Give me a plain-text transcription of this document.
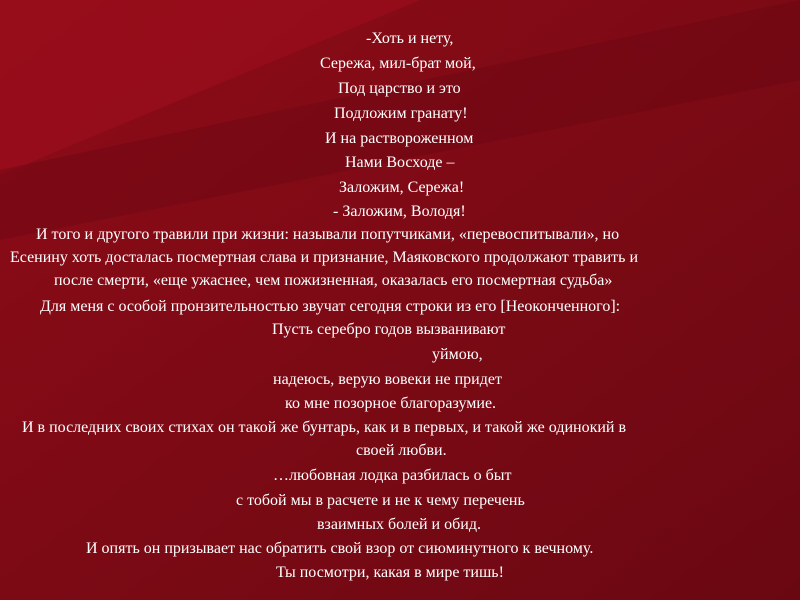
-Хоть и нету,

Сережа, мил-брат мой,

Под царство и это

Подложим гранату!

И на раствороженном

Нами Восходе –

Заложим, Сережа!

- Заложим, Володя!

И того и другого травили при жизни: называли попутчиками, «перевоспитывали», но

Есенину хоть досталась посмертная слава и признание, Маяковского продолжают травить и

после смерти, «еще ужаснее, чем пожизненная, оказалась его посмертная судьба»

Для меня с особой пронзительностью звучат сегодня строки из его [Неоконченного]:

Пусть серебро годов вызванивают

уймою,

надеюсь, верую вовеки не придет

ко мне позорное благоразумие.

И в последних своих стихах он такой же бунтарь, как и в первых, и такой же одинокий в

своей любви.

…любовная лодка разбилась о быт

с тобой мы в расчете и не к чему перечень

взаимных болей и обид.

И опять он призывает нас обратить свой взор от сиюминутного к вечному.

Ты посмотри, какая в мире тишь!
